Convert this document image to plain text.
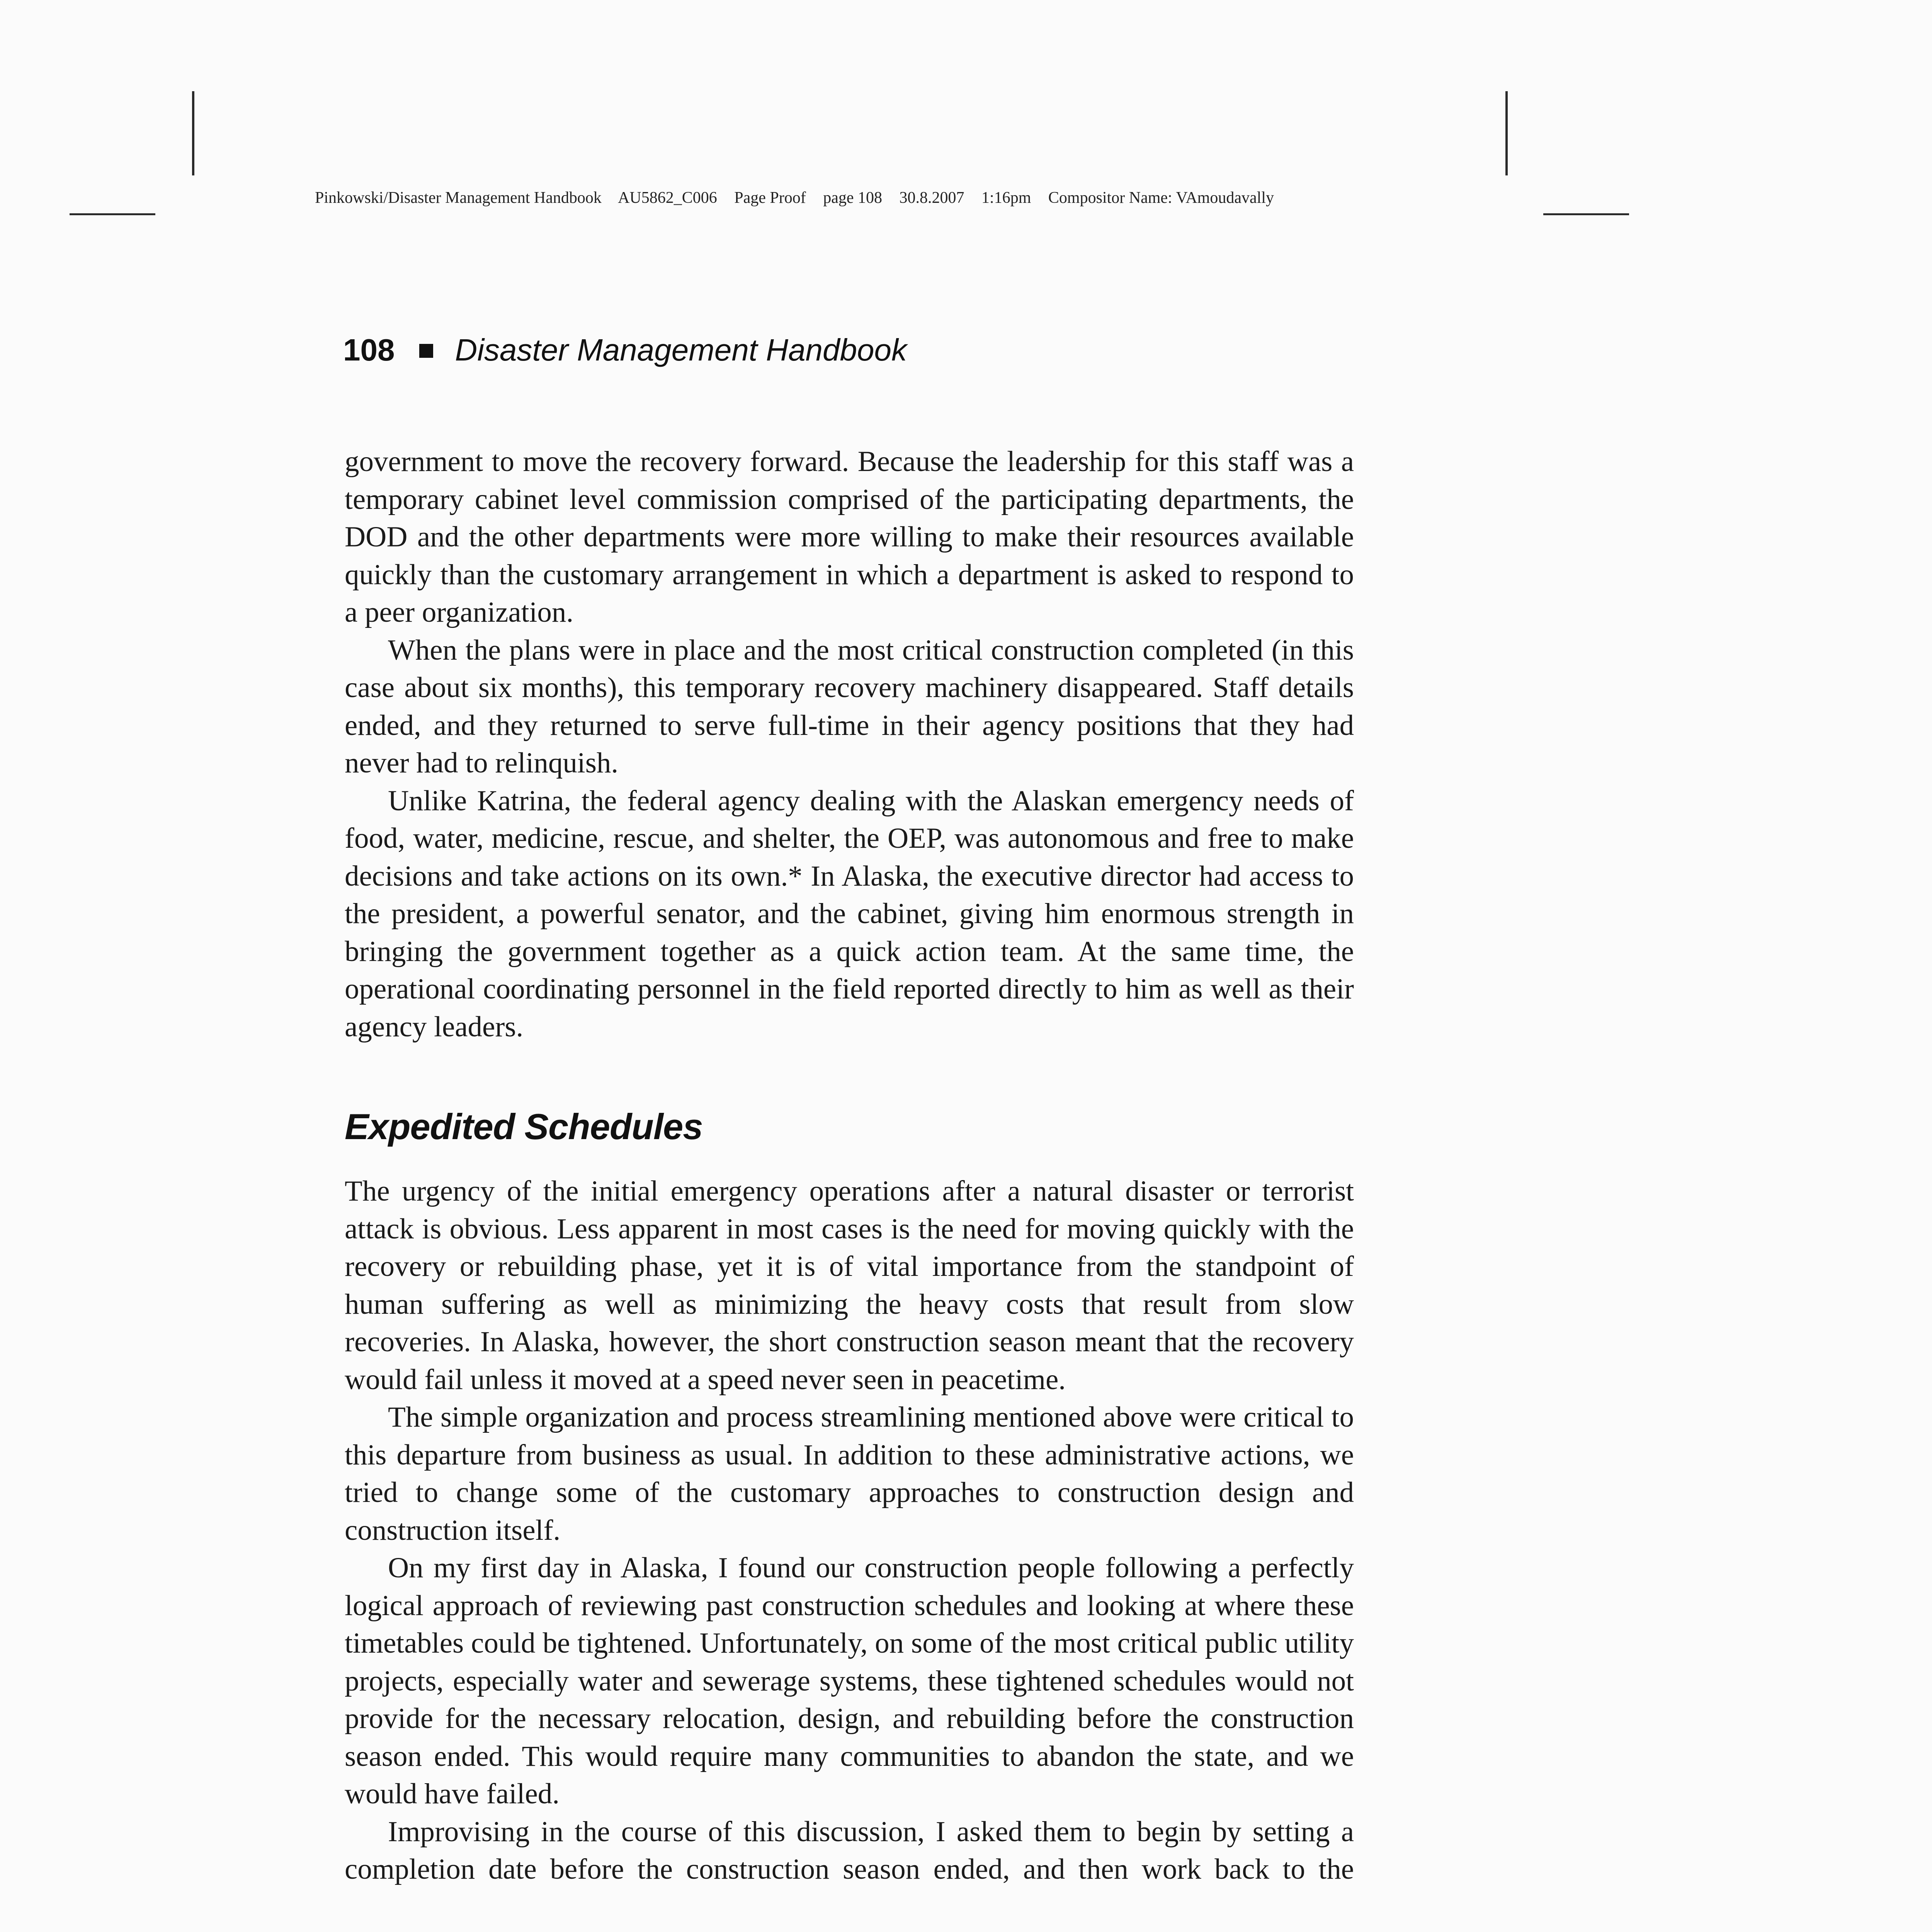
Pinkowski/Disaster Management Handbook AU5862_C006 Page Proof page 108 30.8.2007 1:16pm Compositor Name: VAmoudavally
108 Disaster Management Handbook

government to move the recovery forward. Because the leadership for this staff was a temporary cabinet level commission comprised of the participating departments, the DOD and the other departments were more willing to make their resources available quickly than the customary arrangement in which a department is asked to respond to a peer organization.

When the plans were in place and the most critical construction completed (in this case about six months), this temporary recovery machinery disappeared. Staff details ended, and they returned to serve full-time in their agency positions that they had never had to relinquish.

Unlike Katrina, the federal agency dealing with the Alaskan emergency needs of food, water, medicine, rescue, and shelter, the OEP, was autonomous and free to make decisions and take actions on its own.* In Alaska, the executive director had access to the president, a powerful senator, and the cabinet, giving him enormous strength in bringing the government together as a quick action team. At the same time, the operational coordinating personnel in the field reported directly to him as well as their agency leaders.

Expedited Schedules

The urgency of the initial emergency operations after a natural disaster or terrorist attack is obvious. Less apparent in most cases is the need for moving quickly with the recovery or rebuilding phase, yet it is of vital importance from the standpoint of human suffering as well as minimizing the heavy costs that result from slow recoveries. In Alaska, however, the short construction season meant that the recovery would fail unless it moved at a speed never seen in peacetime.

The simple organization and process streamlining mentioned above were critical to this departure from business as usual. In addition to these administrative actions, we tried to change some of the customary approaches to construction design and construction itself.

On my first day in Alaska, I found our construction people following a perfectly logical approach of reviewing past construction schedules and looking at where these timetables could be tightened. Unfortunately, on some of the most critical public utility projects, especially water and sewerage systems, these tightened schedules would not provide for the necessary relocation, design, and rebuilding before the construction season ended. This would require many communities to abandon the state, and we would have failed.

Improvising in the course of this discussion, I asked them to begin by setting a completion date before the construction season ended, and then work back to the
